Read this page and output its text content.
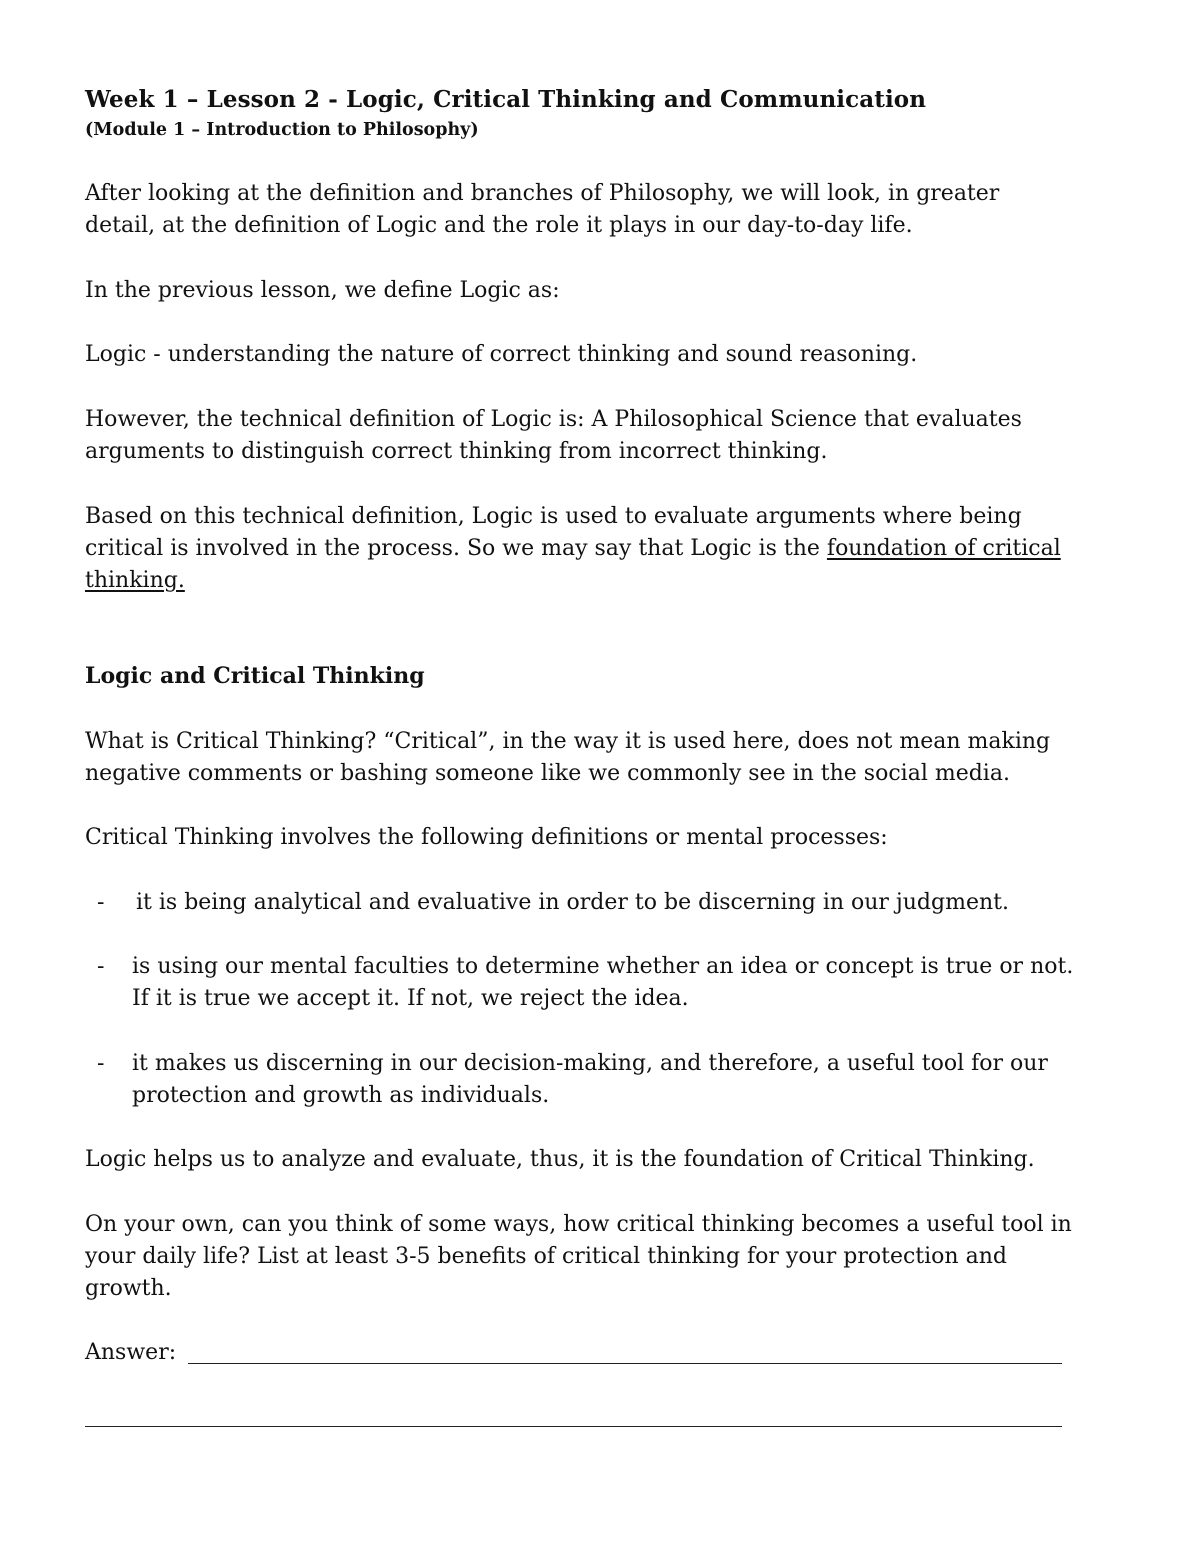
Week 1 – Lesson 2 - Logic, Critical Thinking and Communication
(Module 1 – Introduction to Philosophy)
After looking at the definition and branches of Philosophy, we will look, in greater
detail, at the definition of Logic and the role it plays in our day-to-day life.
In the previous lesson, we define Logic as:
Logic - understanding the nature of correct thinking and sound reasoning.
However, the technical definition of Logic is: A Philosophical Science that evaluates
arguments to distinguish correct thinking from incorrect thinking.
Based on this technical definition, Logic is used to evaluate arguments where being
critical is involved in the process. So we may say that Logic is the foundation of critical
thinking.
Logic and Critical Thinking
What is Critical Thinking? “Critical”, in the way it is used here, does not mean making
negative comments or bashing someone like we commonly see in the social media.
Critical Thinking involves the following definitions or mental processes:
- it is being analytical and evaluative in order to be discerning in our judgment.
- is using our mental faculties to determine whether an idea or concept is true or not.
If it is true we accept it. If not, we reject the idea.
- it makes us discerning in our decision-making, and therefore, a useful tool for our
protection and growth as individuals.
Logic helps us to analyze and evaluate, thus, it is the foundation of Critical Thinking.
On your own, can you think of some ways, how critical thinking becomes a useful tool in
your daily life? List at least 3-5 benefits of critical thinking for your protection and
growth.
Answer:
